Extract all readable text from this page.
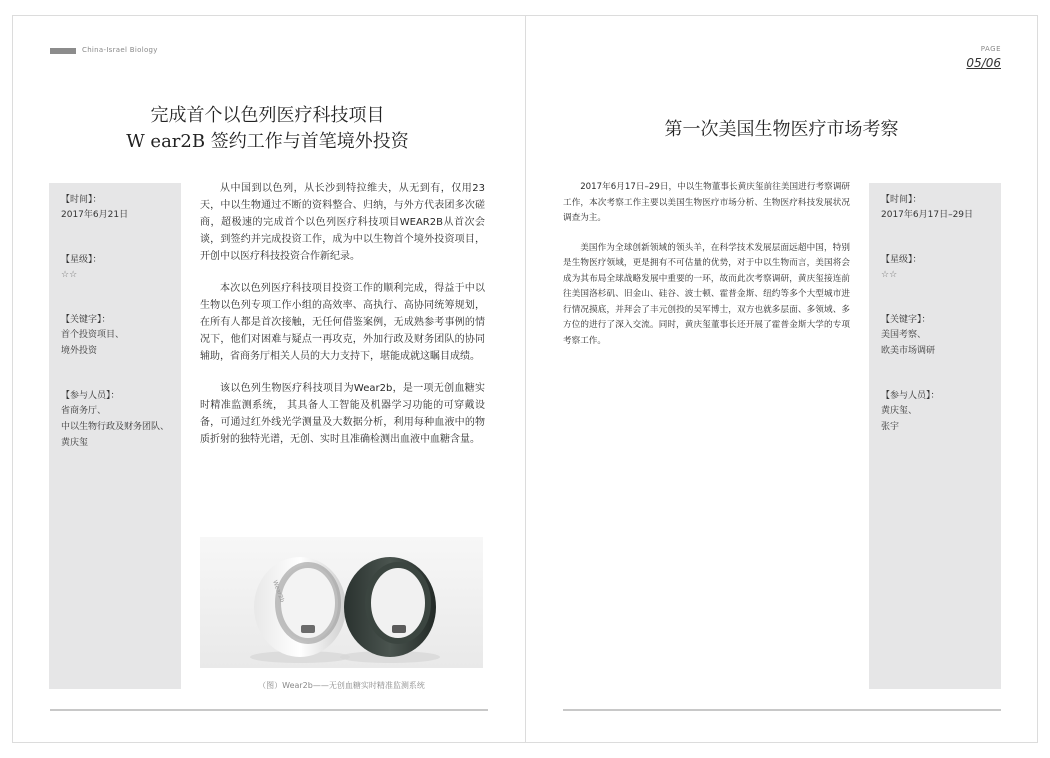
China-Israel Biology	PAGE
05/06
完成首个以色列医疗科技项目
W ear2B 签约工作与首笔境外投资
【时间】：
2017年6月21日
【星级】：
☆☆
【关键字】：
首个投资项目、
境外投资
【参与人员】：
省商务厅、
中以生物行政及财务团队、
黄庆玺

从中国到以色列，从长沙到特拉维夫，从无到有，仅用23天，中以生物通过不断的资料整合、归纳，与外方代表团多次磋商，超极速的完成首个以色列医疗科技项目WEAR2B从首次会谈，到签约并完成投资工作，成为中以生物首个境外投资项目，开创中以医疗科技投资合作新纪录。

本次以色列医疗科技项目投资工作的顺利完成，得益于中以生物以色列专项工作小组的高效率、高执行、高协同统筹规划，在所有人都是首次接触，无任何借鉴案例，无成熟参考事例的情况下，他们对困难与疑点一再攻克，外加行政及财务团队的协同辅助，省商务厅相关人员的大力支持下，堪能成就这瞩目成绩。

该以色列生物医疗科技项目为Wear2b，是一项无创血糖实时精准监测系统， 其具备人工智能及机器学习功能的可穿戴设备，可通过红外线光学测量及大数据分析，利用每种血液中的物质折射的独特光谱，无创、实时且准确检测出血液中血糖含量。

Wear2b
（图）Wear2b——无创血糖实时精准监测系统
第一次美国生物医疗市场考察

2017年6月17日–29日，中以生物董事长黄庆玺前往美国进行考察调研工作，本次考察工作主要以美国生物医疗市场分析、生物医疗科技发展状况调查为主。

美国作为全球创新领域的领头羊，在科学技术发展层面远超中国，特别是生物医疗领域，更是拥有不可估量的优势，对于中以生物而言，美国将会成为其布局全球战略发展中重要的一环，故而此次考察调研，黄庆玺接连前往美国洛杉矶、旧金山、硅谷、波士顿、霍普金斯、纽约等多个大型城市进行情况摸底，并拜会了丰元创投的吴军博士，双方也就多层面、多领域、多方位的进行了深入交流。同时，黄庆玺董事长还开展了霍普金斯大学的专项考察工作。

【时间】：
2017年6月17日–29日
【星级】：
☆☆
【关键字】：
美国考察、
欧美市场调研
【参与人员】：
黄庆玺、
张宇
